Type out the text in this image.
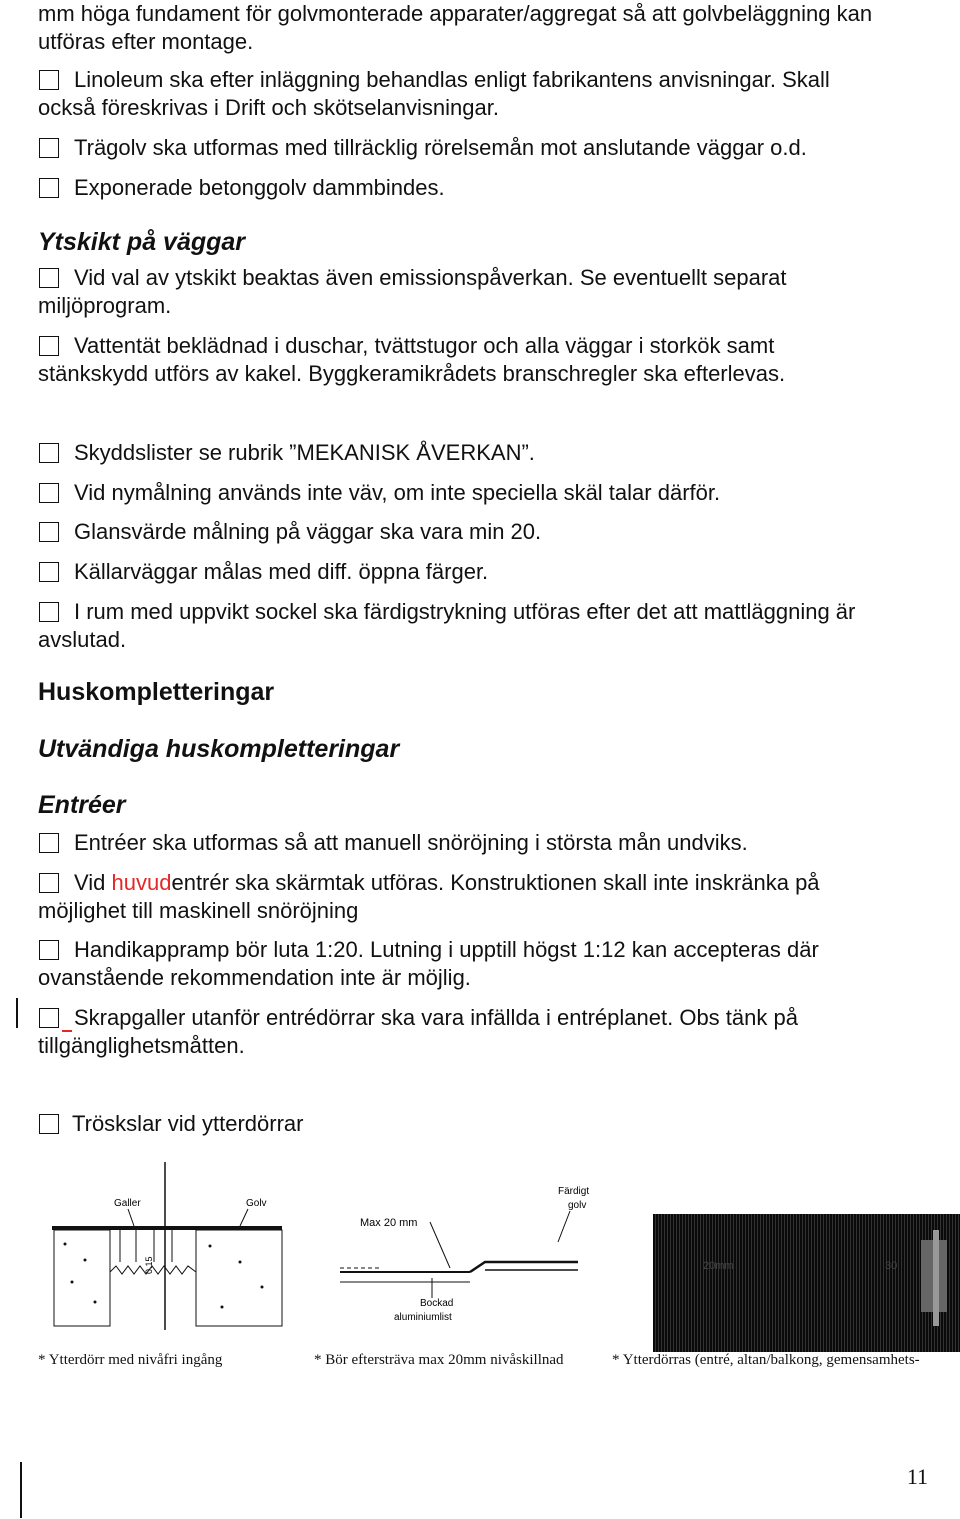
mm höga fundament för golvmonterade apparater/aggregat så att golvbeläggning kan
utföras efter montage.
Linoleum ska efter inläggning behandlas enligt fabrikantens anvisningar. Skall
också föreskrivas i Drift och skötselanvisningar.
Trägolv ska utformas med tillräcklig rörelsemån mot anslutande väggar o.d.
Exponerade betonggolv dammbindes.
Ytskikt på väggar
Vid val av ytskikt beaktas även emissionspåverkan. Se eventuellt separat
miljöprogram.
Vattentät beklädnad i duschar, tvättstugor och alla väggar i storkök samt
stänkskydd utförs av kakel. Byggkeramikrådets branschregler ska efterlevas.
Skyddslister se rubrik ”MEKANISK ÅVERKAN”.
Vid nymålning används inte väv, om inte speciella skäl talar därför.
Glansvärde målning på väggar ska vara min 20.
Källarväggar målas med diff. öppna färger.
I rum med uppvikt sockel ska färdigstrykning utföras efter det att mattläggning är
avslutad.
Huskompletteringar
Utvändiga huskompletteringar
Entréer
Entréer ska utformas så att manuell snöröjning i största mån undviks.
Vid huvudentrér ska skärmtak utföras. Konstruktionen skall inte inskränka på
möjlighet till maskinell snöröjning
Handikappramp bör luta 1:20. Lutning i upptill högst 1:12 kan accepteras där
ovanstående rekommendation inte är möjlig.
Skrapgaller utanför entrédörrar ska vara infällda i entréplanet. Obs tänk på
tillgänglighetsmåtten.
Tröskslar vid ytterdörrar
Galler	Golv
0.15
Färdigt
golv
Max 20 mm
Bockad
aluminiumlist
20mm	30
* Ytterdörr med nivåfri ingång	* Bör eftersträva max 20mm nivåskillnad	* Ytterdörras (entré, altan/balkong, gemensamhets-
11
